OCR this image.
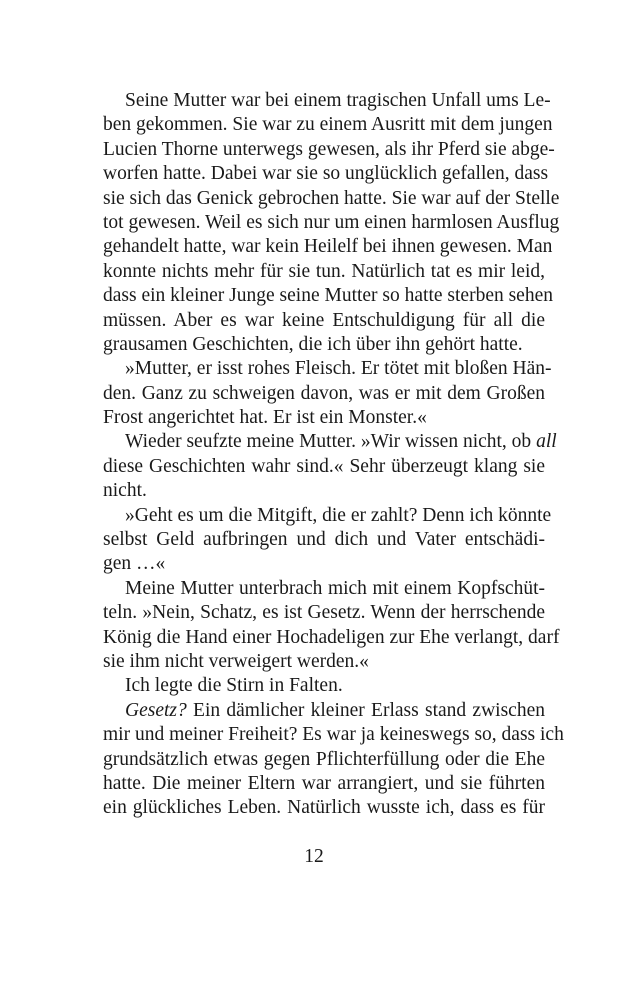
Seine Mutter war bei einem tragischen Unfall ums Le-
ben gekommen. Sie war zu einem Ausritt mit dem jungen
Lucien Thorne unterwegs gewesen, als ihr Pferd sie abge-
worfen hatte. Dabei war sie so unglücklich gefallen, dass
sie sich das Genick gebrochen hatte. Sie war auf der Stelle
tot gewesen. Weil es sich nur um einen harmlosen Ausflug
gehandelt hatte, war kein Heilelf bei ihnen gewesen. Man
konnte nichts mehr für sie tun. Natürlich tat es mir leid,
dass ein kleiner Junge seine Mutter so hatte sterben sehen
müssen. Aber es war keine Entschuldigung für all die
grausamen Geschichten, die ich über ihn gehört hatte.
»Mutter, er isst rohes Fleisch. Er tötet mit bloßen Hän-
den. Ganz zu schweigen davon, was er mit dem Großen
Frost angerichtet hat. Er ist ein Monster.«
Wieder seufzte meine Mutter. »Wir wissen nicht, ob all
diese Geschichten wahr sind.« Sehr überzeugt klang sie
nicht.
»Geht es um die Mitgift, die er zahlt? Denn ich könnte
selbst Geld aufbringen und dich und Vater entschädi-
gen …«
Meine Mutter unterbrach mich mit einem Kopfschüt-
teln. »Nein, Schatz, es ist Gesetz. Wenn der herrschende
König die Hand einer Hochadeligen zur Ehe verlangt, darf
sie ihm nicht verweigert werden.«
Ich legte die Stirn in Falten.
Gesetz? Ein dämlicher kleiner Erlass stand zwischen
mir und meiner Freiheit? Es war ja keineswegs so, dass ich
grundsätzlich etwas gegen Pflichterfüllung oder die Ehe
hatte. Die meiner Eltern war arrangiert, und sie führten
ein glückliches Leben. Natürlich wusste ich, dass es für
12
